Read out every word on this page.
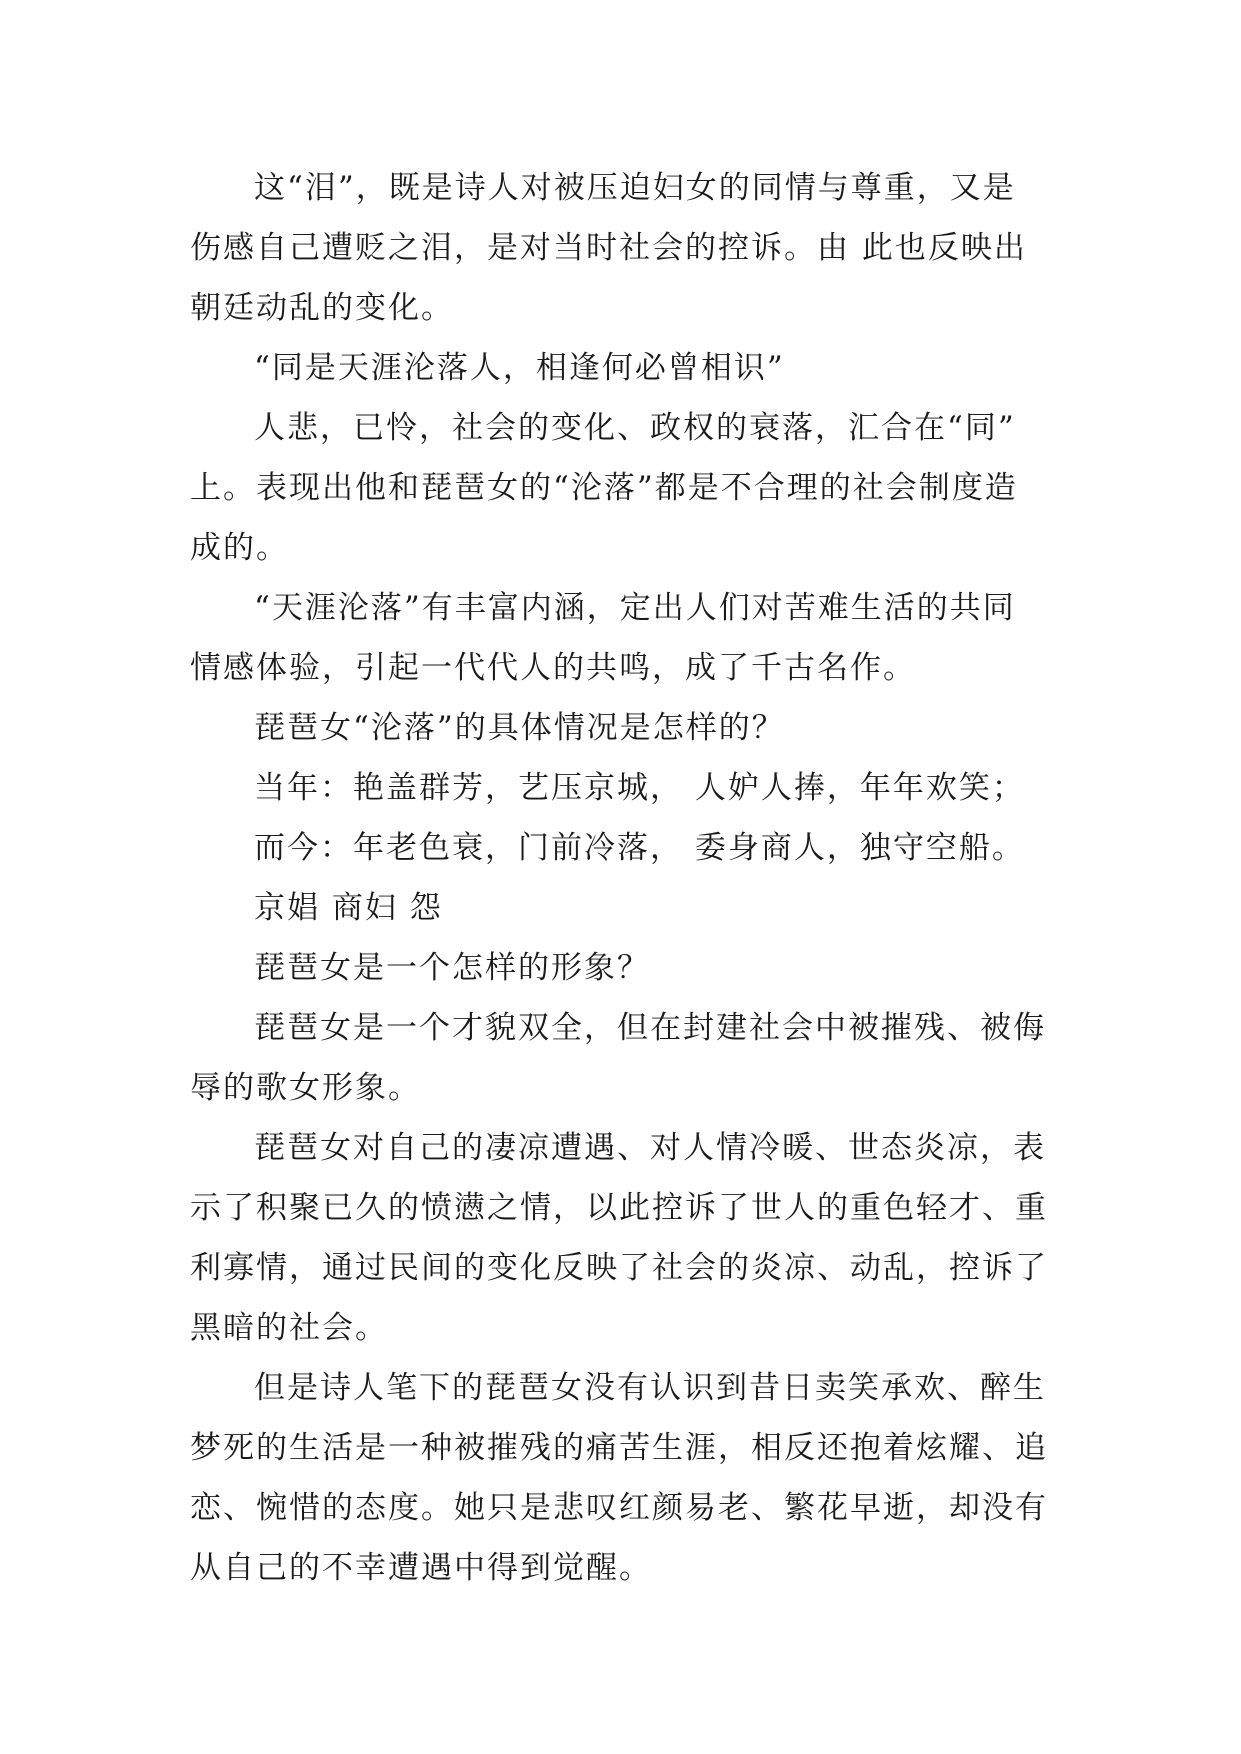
这“泪”，既是诗人对被压迫妇女的同情与尊重，又是
伤感自己遭贬之泪，是对当时社会的控诉。由 此也反映出
朝廷动乱的变化。
“同是天涯沦落人，相逢何必曾相识”
人悲，已怜，社会的变化、政权的衰落，汇合在“同”
上。表现出他和琵琶女的“沦落”都是不合理的社会制度造
成的。
“天涯沦落”有丰富内涵，定出人们对苦难生活的共同
情感体验，引起一代代人的共鸣，成了千古名作。
琵琶女“沦落”的具体情况是怎样的？
当年：艳盖群芳，艺压京城， 人妒人捧，年年欢笑；
而今：年老色衰，门前冷落， 委身商人，独守空船。
京娼 商妇 怨
琵琶女是一个怎样的形象？
琵琶女是一个才貌双全，但在封建社会中被摧残、被侮
辱的歌女形象。
琵琶女对自己的凄凉遭遇、对人情冷暖、世态炎凉，表
示了积聚已久的愤懑之情，以此控诉了世人的重色轻才、重
利寡情，通过民间的变化反映了社会的炎凉、动乱，控诉了
黑暗的社会。
但是诗人笔下的琵琶女没有认识到昔日卖笑承欢、醉生
梦死的生活是一种被摧残的痛苦生涯，相反还抱着炫耀、追
恋、惋惜的态度。她只是悲叹红颜易老、繁花早逝，却没有
从自己的不幸遭遇中得到觉醒。
